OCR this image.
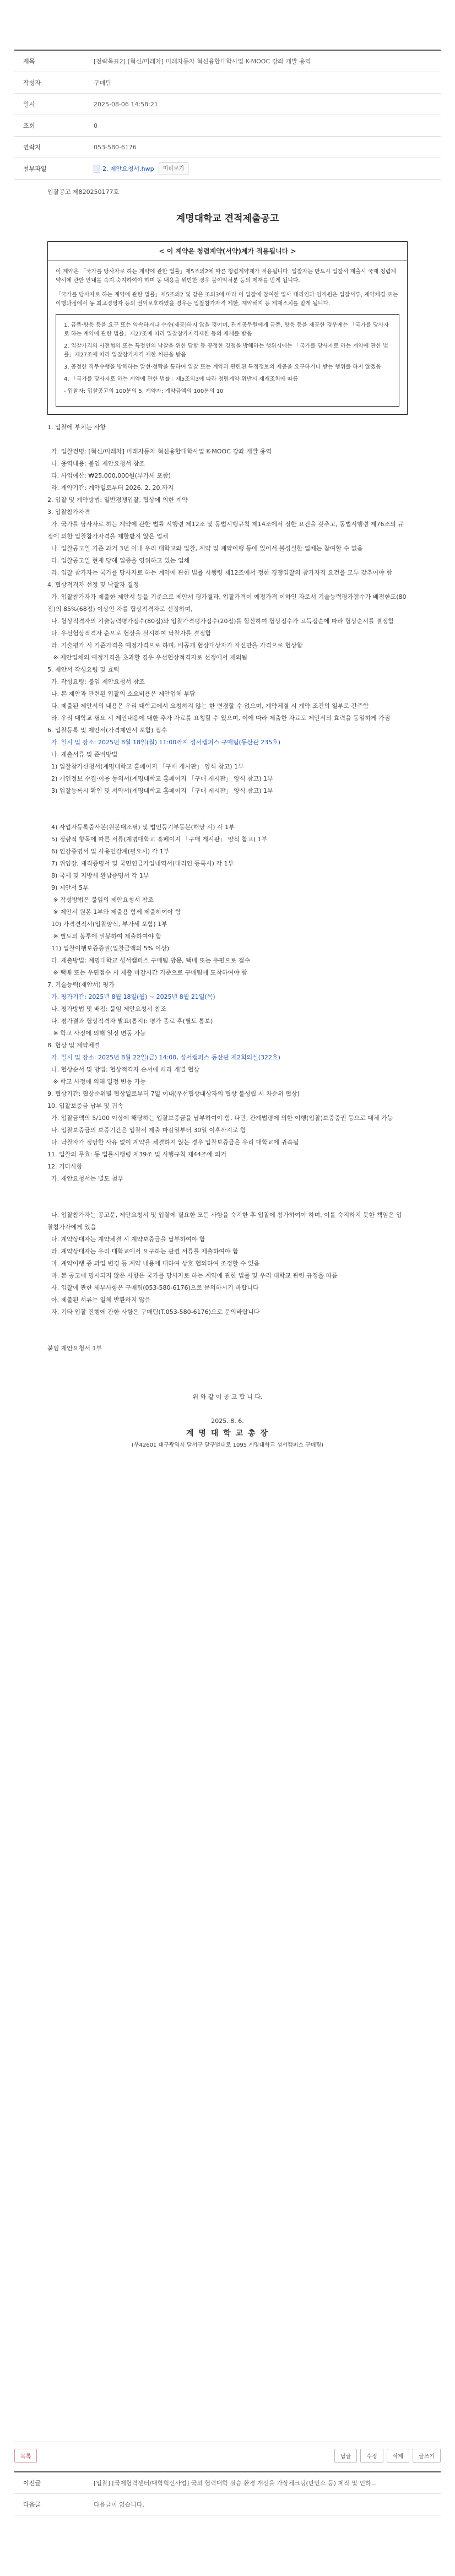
제목	[전략목표2] [혁신/미래차] 미래차동차 혁신융합대학사업 K-MOOC 강좌 개발 용역
작성자	구매팀
일시	2025-08-06 14:58:21
조회	0
연락처	053-580-6176
첨부파일	2. 제안요청서.hwp	미리보기
입찰공고 제820250177호
계명대학교 견적제출공고
< 이 계약은 청렴계약(서약)제가 적용됩니다 >

이 계약은 「국가를 당사자로 하는 계약에 관한 법률」제5조의2에 따른 청렴계약제가 적용됩니다. 입찰자는 반드시 입찰서 제출시 국제 청렴계약서에 관한 안내를 숙지.숙지하여야 하며 동 내용을 위반한 경우 불이익처분 등의 제재를 받게 됩니다.

「국가를 당사자로 하는 계약에 관한 법률」제5조의2 및 같은 조의3에 따라 이 입찰에 참여한 업사 대리인과 임직원은 입찰서류, 계약체결 또는 이행과정에서 동 최고경영자 등의 권익보호하였을 경우는 입찰참가자격 제한, 계약해지 등 제재조치를 받게 됩니다.

1. 금품·향응 등을 요구 또는 약속하거나 수수(제공)하지 않을 것이며, 관계공무원에게 금품, 향응 등을 제공한 경우에는 「국가를 당사자로 하는 계약에 관한 법률」제27조에 따라 입찰참가자격제한 등의 제재를 받음

2. 입찰가격의 사전협의 또는 특정인의 낙찰을 위한 담합 등 공정한 경쟁을 방해하는 행위시에는 「국가를 당사자로 하는 계약에 관한 법률」제27조에 따라 입찰참가자격 제한 처분을 받음

3. 공정한 직무수행을 방해하는 알선·청탁을 통하여 입찰 또는 계약과 관련된 특정정보의 제공을 요구하거나 받는 행위를 하지 않겠음

4. 「국가를 당사자로 하는 계약에 관한 법률」제5조의3에 따라 청렴계약 위반시 제재조치에 따름

- 입찰자: 입찰공고의 100분의 5, 계약자: 계약금액의 100분의 10

1. 입찰에 부치는 사항
가. 입찰건명: [혁신/미래차] 미래자동차 혁신융합대학사업 K-MOOC 강좌 개발 용역
나. 용역내용: 붙임 제안요청서 참조
다. 사업예산: ₩25,000,000원(부가세 포함)
라. 계약기간: 계약일로부터 2026. 2. 20.까지
2. 입찰 및 계약방법: 일반경쟁입찰, 협상에 의한 계약
3. 입찰참가자격
가. 국가를 당사자로 하는 계약에 관한 법률 시행령 제12조 및 동법시행규칙 제14조에서 정한 요건을 갖추고, 동법시행령 제76조의 규정에 의한 입찰참가자격을 제한받지 않은 업체
나. 입찰공고일 기준 과거 3년 이내 우리 대학교와 입찰, 계약 및 계약이행 등에 있어서 불성실한 업체는 참여할 수 없음
다. 입찰공고일 현재 당해 업종을 영위하고 있는 업체
라. 입찰 참가자는 국가를 당사자로 하는 계약에 관한 법률 시행령 제12조에서 정한 경쟁입찰의 참가자격 요건을 모두 갖추어야 함
4. 협상적격자 선정 및 낙찰자 결정
가. 입찰참가자가 제출한 제안서 등을 기준으로 제안서 평가결과, 입찰가격이 예정가격 이하인 자로서 기술능력평가점수가 배점한도(80점)의 85%(68점) 이상인 자를 협상적격자로 선정하며,
나. 협상적격자의 기술능력평가점수(80점)와 입찰가격평가점수(20점)를 합산하여 협상점수가 고득점순에 따라 협상순서를 결정함
다. 우선협상적격자 순으로 협상을 실시하여 낙찰자를 결정함
라. 기술평가 시 기준가격을 예정가격으로 하며, 비공개 협상대상자가 자신만을 가격으로 협상함
※ 제안업체의 예정가격을 초과할 경우 우선협상적격자로 선정에서 제외됨
5. 제안서 작성요령 및 효력
가. 작성요령: 붙임 제안요청서 참조
나. 본 제안과 관련된 입찰의 소요비용은 제안업체 부담
다. 제출된 제안서의 내용은 우리 대학교에서 요청하지 않는 한 변경할 수 없으며, 계약체결 시 계약 조건의 일부로 간주함
라. 우리 대학교 필요 시 제안내용에 대한 추가 자료를 요청할 수 있으며, 이에 따라 제출한 자료도 제안서의 효력을 동일하게 가짐
6. 입찰등록 및 제안서(가격제안서 포함) 접수
가. 일시 및 장소: 2025년 8월 18일(월) 11:00까지 성서캠퍼스 구매팀(동산관 235호)
나. 제출서류 및 준비방법
1) 입찰참가신청서(계명대학교 홈페이지 「구매 게시판」 양식 참고) 1부
2) 개인정보 수집·이용 동의서(계명대학교 홈페이지 「구매 게시판」 양식 참고) 1부
3) 입찰등록시 확인 및 서약서(계명대학교 홈페이지 「구매 게시판」 양식 참고) 1부
4) 사업자등록증사본(원본대조필) 및 법인등기부등본(해당 시) 각 1부
5) 정량적 항목에 따른 서류(계명대학교 홈페이지 「구매 게시판」 양식 참고) 1부
6) 인감증명서 및 사용인감계(필요시) 각 1부
7) 위임장, 재직증명서 및 국민연금가입내역서(대리인 등록시) 각 1부
8) 국세 및 지방세 완납증명서 각 1부
9) 제안서 5부
※ 작성방법은 붙임의 제안요청서 참조
※ 제안서 원본 1부와 제출용 함께 제출하여야 함
10) 가격견적서(입찰양식, 부가세 포함) 1부
※ 별도의 봉투에 밀봉하여 제출하여야 함
11) 입찰이행보증증권(입찰금액의 5% 이상)
다. 제출방법: 계명대학교 성서캠퍼스 구매팀 방문, 택배 또는 우편으로 접수
※ 택배 또는 우편접수 시 제출 마감시간 기준으로 구매팀에 도착하여야 함
7. 기술능력(제안서) 평가
가. 평가기간: 2025년 8월 18일(월) ~ 2025년 8월 21일(목)
나. 평가방법 및 배점: 붙임 제안요청서 참조
다. 평가결과 협상적격자 발표(통지): 평가 종료 후(별도 통보)
※ 학교 사정에 의해 일정 변동 가능
8. 협상 및 계약체결
가. 일시 및 장소: 2025년 8월 22일(금) 14:00, 성서캠퍼스 동산관 제2회의실(322호)
나. 협상순서 및 방법: 협상적격자 순서에 따라 개별 협상
※ 학교 사정에 의해 일정 변동 가능
9. 협상기간: 협상순위별 협상일로부터 7일 이내(우선협상대상자의 협상 불성립 시 차순위 협상)
10. 입찰보증금 납부 및 귀속
가. 입찰금액의 5/100 이상에 해당하는 입찰보증금을 납부하여야 함. 다만, 관계법령에 의한 이행(입찰)보증증권 등으로 대체 가능
나. 입찰보증금의 보증기간은 입찰서 제출 마감일부터 30일 이후까지로 함
다. 낙찰자가 정당한 사유 없이 계약을 체결하지 않는 경우 입찰보증금은 우리 대학교에 귀속됨
11. 입찰의 무효: 동 법률시행령 제39조 및 시행규칙 제44조에 의거
12. 기타사항
가. 제안요청서는 별도 첨부
나. 입찰참가자는 공고문, 제안요청서 및 입찰에 필요한 모든 사항을 숙지한 후 입찰에 참가하여야 하며, 이를 숙지하지 못한 책임은 입찰참가자에게 있음
다. 계약상대자는 계약체결 시 계약보증금을 납부하여야 함
라. 계약상대자는 우리 대학교에서 요구하는 관련 서류를 제출하여야 함
마. 계약이행 중 과업 변경 등 계약 내용에 대하여 상호 협의하여 조정할 수 있음
바. 본 공고에 명시되지 않은 사항은 국가를 당사자로 하는 계약에 관한 법률 및 우리 대학교 관련 규정을 따름
사. 입찰에 관한 세부사항은 구매팀(053-580-6176)으로 문의하시기 바랍니다
아. 제출된 서류는 일체 반환하지 않음
자. 기타 입찰 진행에 관한 사항은 구매팀(T.053-580-6176)으로 문의바랍니다
붙임 제안요청서 1부
위 와 같 이 공 고 합 니 다.
2025. 8. 6.
계 명 대 학 교 총 장
(우42601 대구광역시 달서구 달구벌대로 1095 계명대학교 성서캠퍼스 구매팀)
목록	답글	수정	삭제	글쓰기
이전글	[입찰] [국제협력센터/대학혁신사업] 국외 협력대학 실습 환경 개선을 가상체크팅(만인소 등) 제작 및 인하...
다음글	다음글이 없습니다.
